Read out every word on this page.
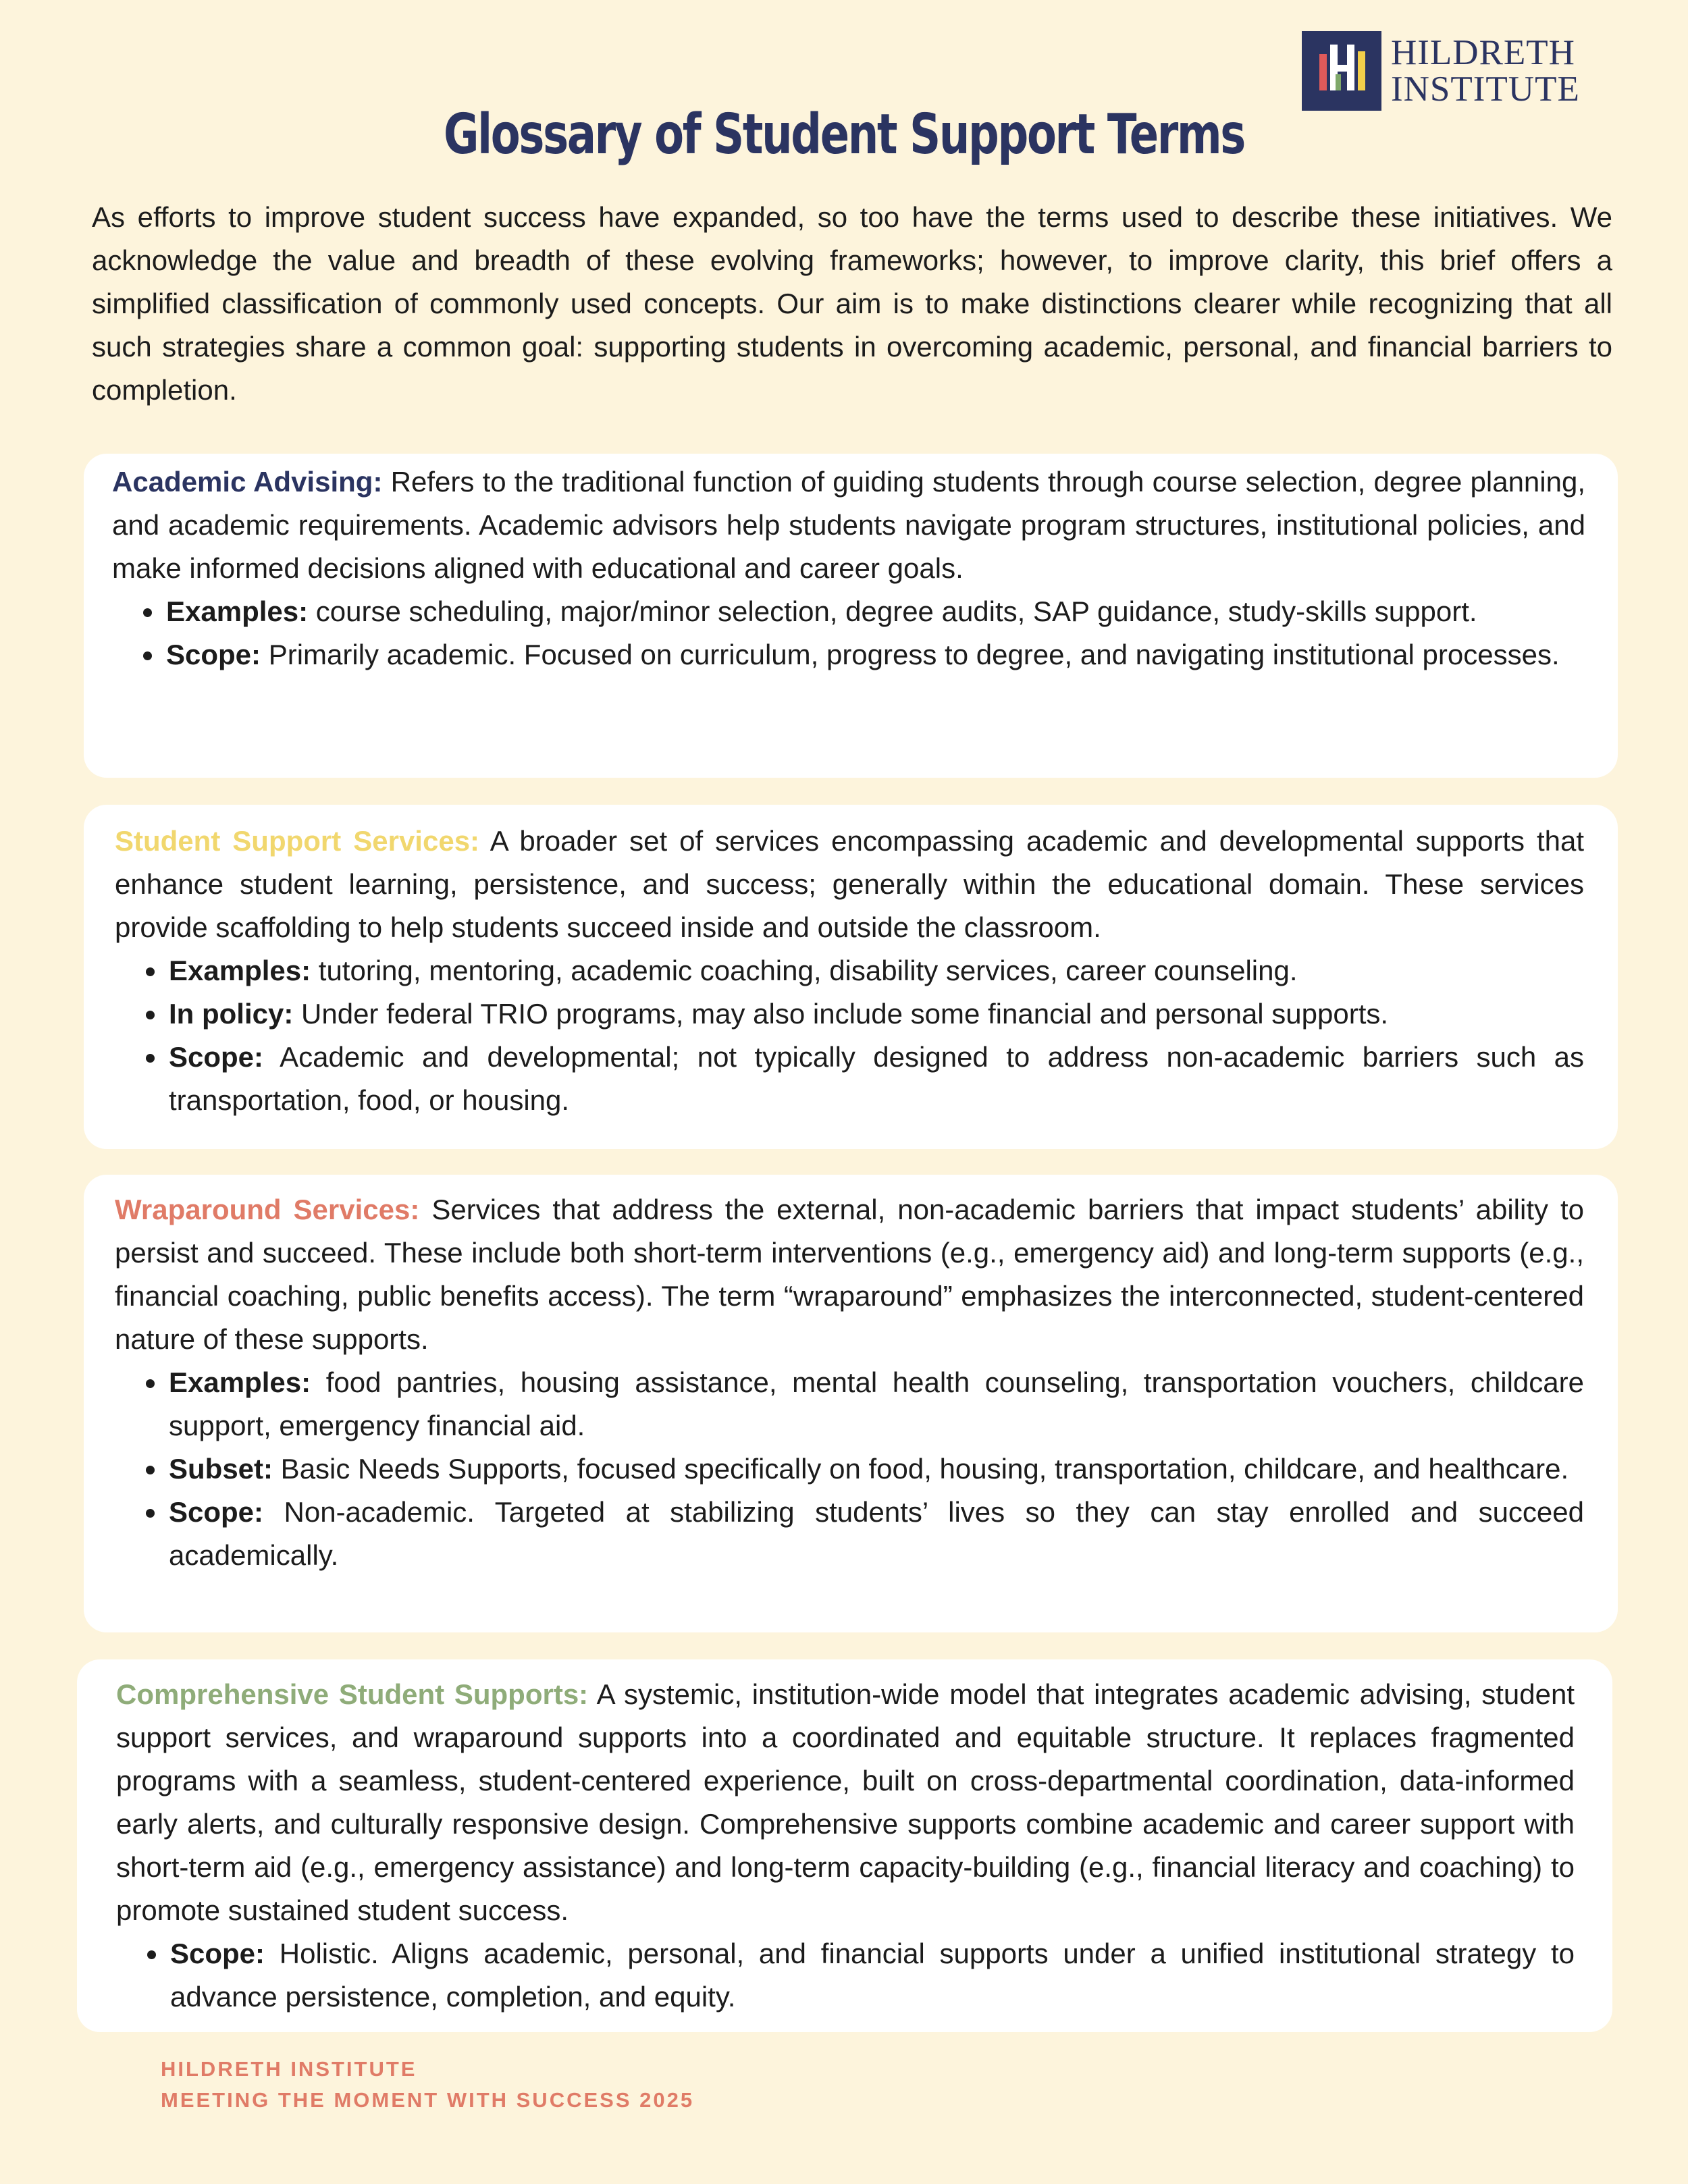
HILDRETH
INSTITUTE
Glossary of Student Support Terms

As efforts to improve student success have expanded, so too have the terms used to describe these initiatives. We acknowledge the value and breadth of these evolving frameworks; however, to improve clarity, this brief offers a simplified classification of commonly used concepts. Our aim is to make distinctions clearer while recognizing that all such strategies share a common goal: supporting students in overcoming academic, personal, and financial barriers to completion.

Academic Advising: Refers to the traditional function of guiding students through course selection, degree planning, and academic requirements. Academic advisors help students navigate program structures, institutional policies, and make informed decisions aligned with educational and career goals.

• Examples: course scheduling, major/minor selection, degree audits, SAP guidance, study-skills support.
• Scope: Primarily academic. Focused on curriculum, progress to degree, and navigating institutional processes.

Student Support Services: A broader set of services encompassing academic and developmental supports that enhance student learning, persistence, and success; generally within the educational domain. These services provide scaffolding to help students succeed inside and outside the classroom.

• Examples: tutoring, mentoring, academic coaching, disability services, career counseling.
• In policy: Under federal TRIO programs, may also include some financial and personal supports.
• Scope: Academic and developmental; not typically designed to address non-academic barriers such as transportation, food, or housing.

Wraparound Services: Services that address the external, non-academic barriers that impact students’ ability to persist and succeed. These include both short-term interventions (e.g., emergency aid) and long-term supports (e.g., financial coaching, public benefits access). The term “wraparound” emphasizes the interconnected, student-centered nature of these supports.

• Examples: food pantries, housing assistance, mental health counseling, transportation vouchers, childcare support, emergency financial aid.
• Subset: Basic Needs Supports, focused specifically on food, housing, transportation, childcare, and healthcare.
• Scope: Non-academic. Targeted at stabilizing students’ lives so they can stay enrolled and succeed academically.

Comprehensive Student Supports: A systemic, institution-wide model that integrates academic advising, student support services, and wraparound supports into a coordinated and equitable structure. It replaces fragmented programs with a seamless, student-centered experience, built on cross-departmental coordination, data-informed early alerts, and culturally responsive design. Comprehensive supports combine academic and career support with short-term aid (e.g., emergency assistance) and long-term capacity-building (e.g., financial literacy and coaching) to promote sustained student success.

• Scope: Holistic. Aligns academic, personal, and financial supports under a unified institutional strategy to advance persistence, completion, and equity.
HILDRETH INSTITUTE
MEETING THE MOMENT WITH SUCCESS 2025
